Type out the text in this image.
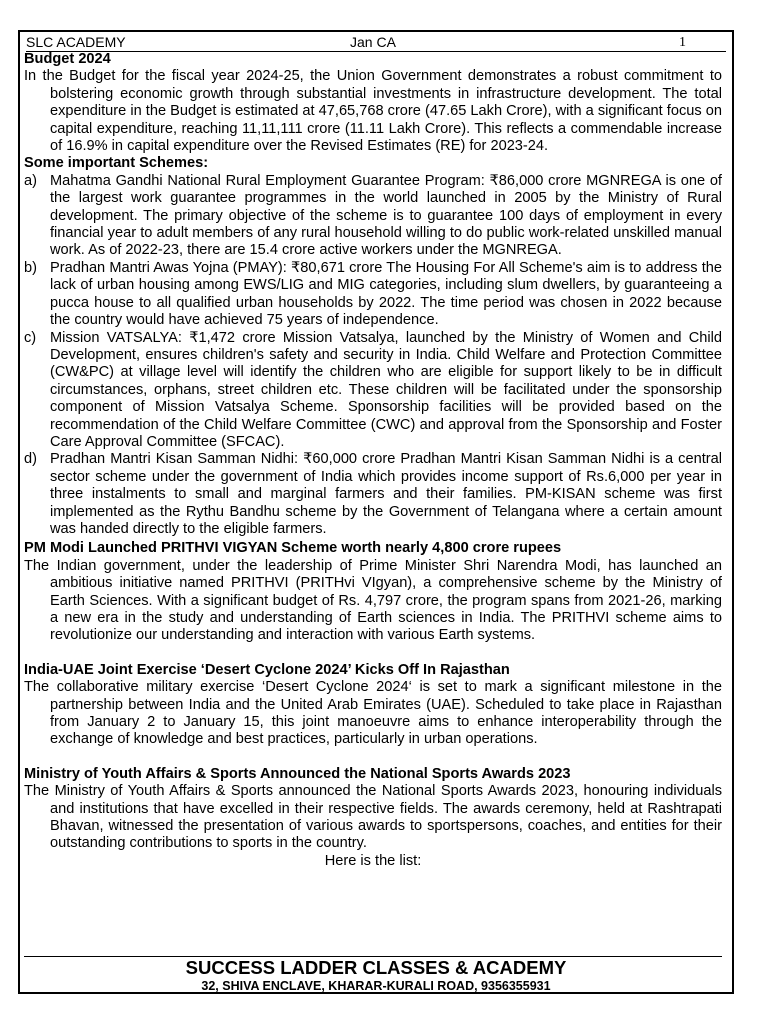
SLC ACADEMY	Jan CA	1
Budget 2024
In the Budget for the fiscal year 2024-25, the Union Government demonstrates a robust commitment to bolstering economic growth through substantial investments in infrastructure development. The total expenditure in the Budget is estimated at 47,65,768 crore (47.65 Lakh Crore), with a significant focus on capital expenditure, reaching 11,11,111 crore (11.11 Lakh Crore). This reflects a commendable increase of 16.9% in capital expenditure over the Revised Estimates (RE) for 2023-24.
Some important Schemes:
a) Mahatma Gandhi National Rural Employment Guarantee Program: ₹86,000 crore MGNREGA is one of the largest work guarantee programmes in the world launched in 2005 by the Ministry of Rural development. The primary objective of the scheme is to guarantee 100 days of employment in every financial year to adult members of any rural household willing to do public work-related unskilled manual work. As of 2022-23, there are 15.4 crore active workers under the MGNREGA.
b) Pradhan Mantri Awas Yojna (PMAY): ₹80,671 crore The Housing For All Scheme's aim is to address the lack of urban housing among EWS/LIG and MIG categories, including slum dwellers, by guaranteeing a pucca house to all qualified urban households by 2022. The time period was chosen in 2022 because the country would have achieved 75 years of independence.
c) Mission VATSALYA: ₹1,472 crore Mission Vatsalya, launched by the Ministry of Women and Child Development, ensures children's safety and security in India. Child Welfare and Protection Committee (CW&PC) at village level will identify the children who are eligible for support likely to be in difficult circumstances, orphans, street children etc. These children will be facilitated under the sponsorship component of Mission Vatsalya Scheme. Sponsorship facilities will be provided based on the recommendation of the Child Welfare Committee (CWC) and approval from the Sponsorship and Foster Care Approval Committee (SFCAC).
d) Pradhan Mantri Kisan Samman Nidhi: ₹60,000 crore Pradhan Mantri Kisan Samman Nidhi is a central sector scheme under the government of India which provides income support of Rs.6,000 per year in three instalments to small and marginal farmers and their families. PM-KISAN scheme was first implemented as the Rythu Bandhu scheme by the Government of Telangana where a certain amount was handed directly to the eligible farmers.
PM Modi Launched PRITHVI VIGYAN Scheme worth nearly 4,800 crore rupees
The Indian government, under the leadership of Prime Minister Shri Narendra Modi, has launched an ambitious initiative named PRITHVI (PRITHvi VIgyan), a comprehensive scheme by the Ministry of Earth Sciences. With a significant budget of Rs. 4,797 crore, the program spans from 2021-26, marking a new era in the study and understanding of Earth sciences in India. The PRITHVI scheme aims to revolutionize our understanding and interaction with various Earth systems.
India-UAE Joint Exercise ‘Desert Cyclone 2024’ Kicks Off In Rajasthan
The collaborative military exercise ‘Desert Cyclone 2024‘ is set to mark a significant milestone in the partnership between India and the United Arab Emirates (UAE). Scheduled to take place in Rajasthan from January 2 to January 15, this joint manoeuvre aims to enhance interoperability through the exchange of knowledge and best practices, particularly in urban operations.
Ministry of Youth Affairs & Sports Announced the National Sports Awards 2023
The Ministry of Youth Affairs & Sports announced the National Sports Awards 2023, honouring individuals and institutions that have excelled in their respective fields. The awards ceremony, held at Rashtrapati Bhavan, witnessed the presentation of various awards to sportspersons, coaches, and entities for their outstanding contributions to sports in the country.
Here is the list:
SUCCESS LADDER CLASSES & ACADEMY
32, SHIVA ENCLAVE, KHARAR-KURALI ROAD, 9356355931
